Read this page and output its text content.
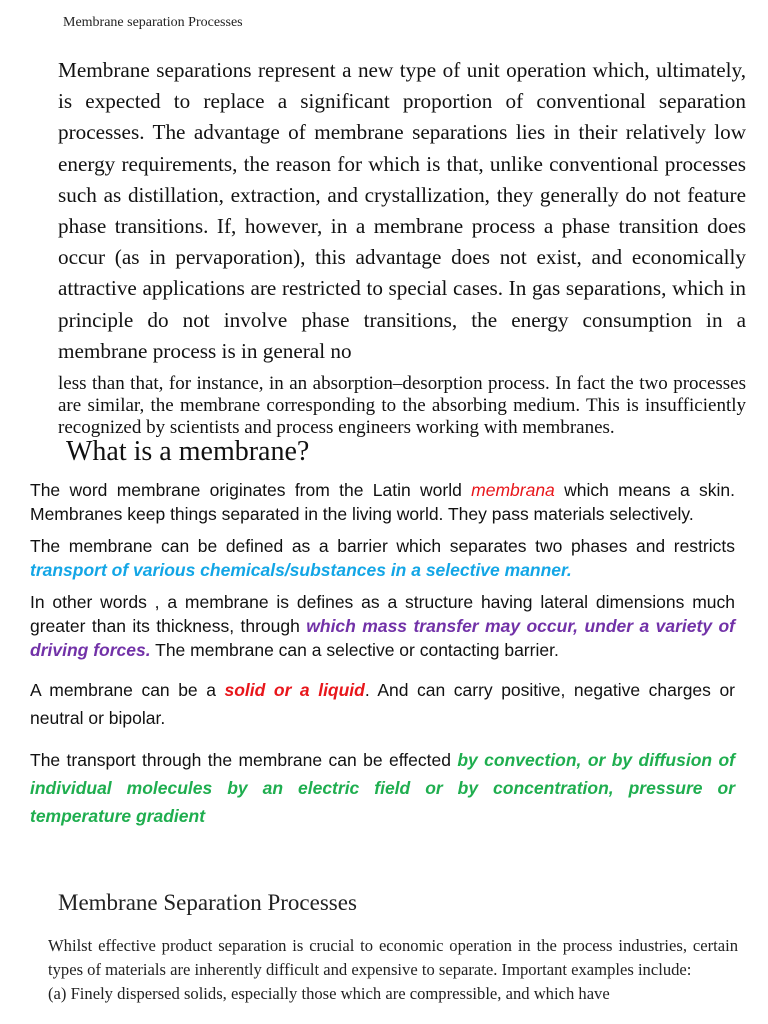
Membrane separation Processes
Membrane separations represent a new type of unit operation which, ultimately, is expected to replace a significant proportion of conventional separation processes. The advantage of membrane separations lies in their relatively low energy requirements, the reason for which is that, unlike conventional processes such as distillation, extraction, and crystallization, they generally do not feature phase transitions. If, however, in a membrane process a phase transition does occur (as in pervaporation), this advantage does not exist, and economically attractive applications are restricted to special cases. In gas separations, which in principle do not involve phase transitions, the energy consumption in a membrane process is in general no
less than that, for instance, in an absorption–desorption process. In fact the two processes are similar, the membrane corresponding to the absorbing medium. This is insufficiently recognized by scientists and process engineers working with membranes.
What is a membrane?

The word membrane originates from the Latin world membrana which means a skin. Membranes keep things separated in the living world. They pass materials selectively.

The membrane can be defined as a barrier which separates two phases and restricts transport of various chemicals/substances in a selective manner.

In other words , a membrane is defines as a structure having lateral dimensions much greater than its thickness, through which mass transfer may occur, under a variety of driving forces. The membrane can a selective or contacting barrier.

A membrane can be a solid or a liquid. And can carry positive, negative charges or neutral or bipolar.

The transport through the membrane can be effected by convection, or by diffusion of individual molecules by an electric field or by concentration, pressure or temperature gradient

Membrane Separation Processes
Whilst effective product separation is crucial to economic operation in the process industries, certain types of materials are inherently difficult and expensive to separate. Important examples include:
(a) Finely dispersed solids, especially those which are compressible, and which have
